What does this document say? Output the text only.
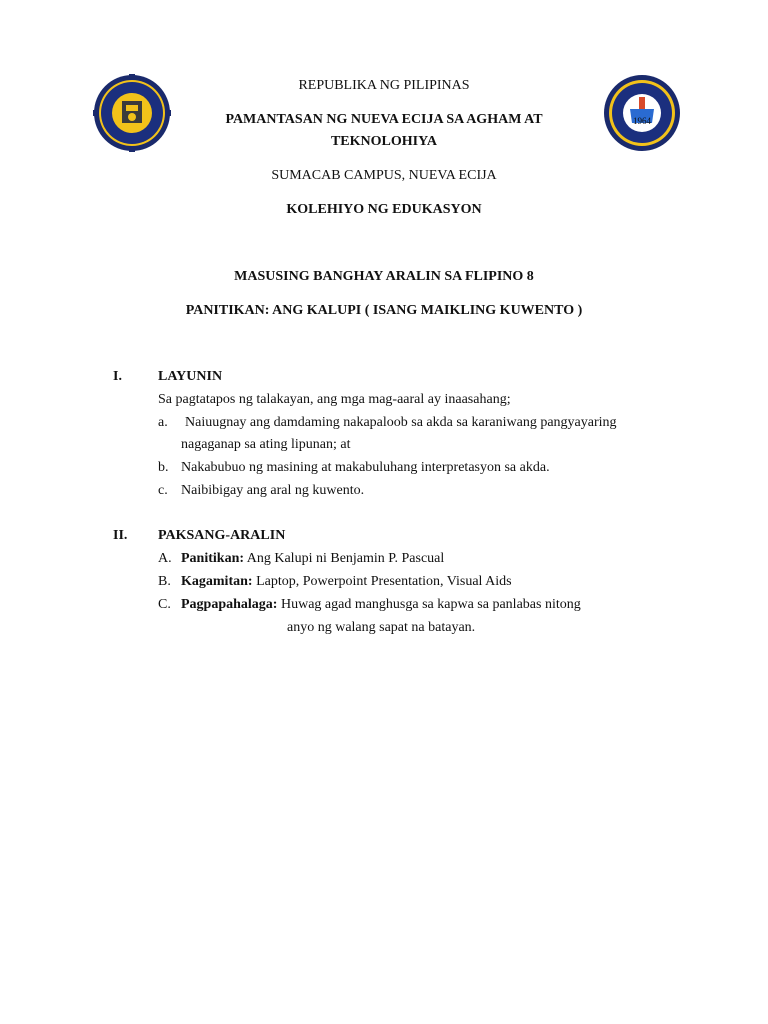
1964
REPUBLIKA NG PILIPINAS
PAMANTASAN NG NUEVA ECIJA SA AGHAM AT
TEKNOLOHIYA
SUMACAB CAMPUS, NUEVA ECIJA
KOLEHIYO NG EDUKASYON
MASUSING BANGHAY ARALIN SA FLIPINO 8
PANITIKAN: ANG KALUPI ( ISANG MAIKLING KUWENTO )
I.	LAYUNIN
Sa pagtatapos ng talakayan, ang mga mag-aaral ay inaasahang;
a. Naiuugnay ang damdaming nakapaloob sa akda sa karaniwang pangyayaring
nagaganap sa ating lipunan; at
b. Nakabubuo ng masining at makabuluhang interpretasyon sa akda.
c. Naibibigay ang aral ng kuwento.
II. PAKSANG-ARALIN
A. Panitikan: Ang Kalupi ni Benjamin P. Pascual
B. Kagamitan: Laptop, Powerpoint Presentation, Visual Aids
C. Pagpapahalaga: Huwag agad manghusga sa kapwa sa panlabas nitong
anyo ng walang sapat na batayan.
